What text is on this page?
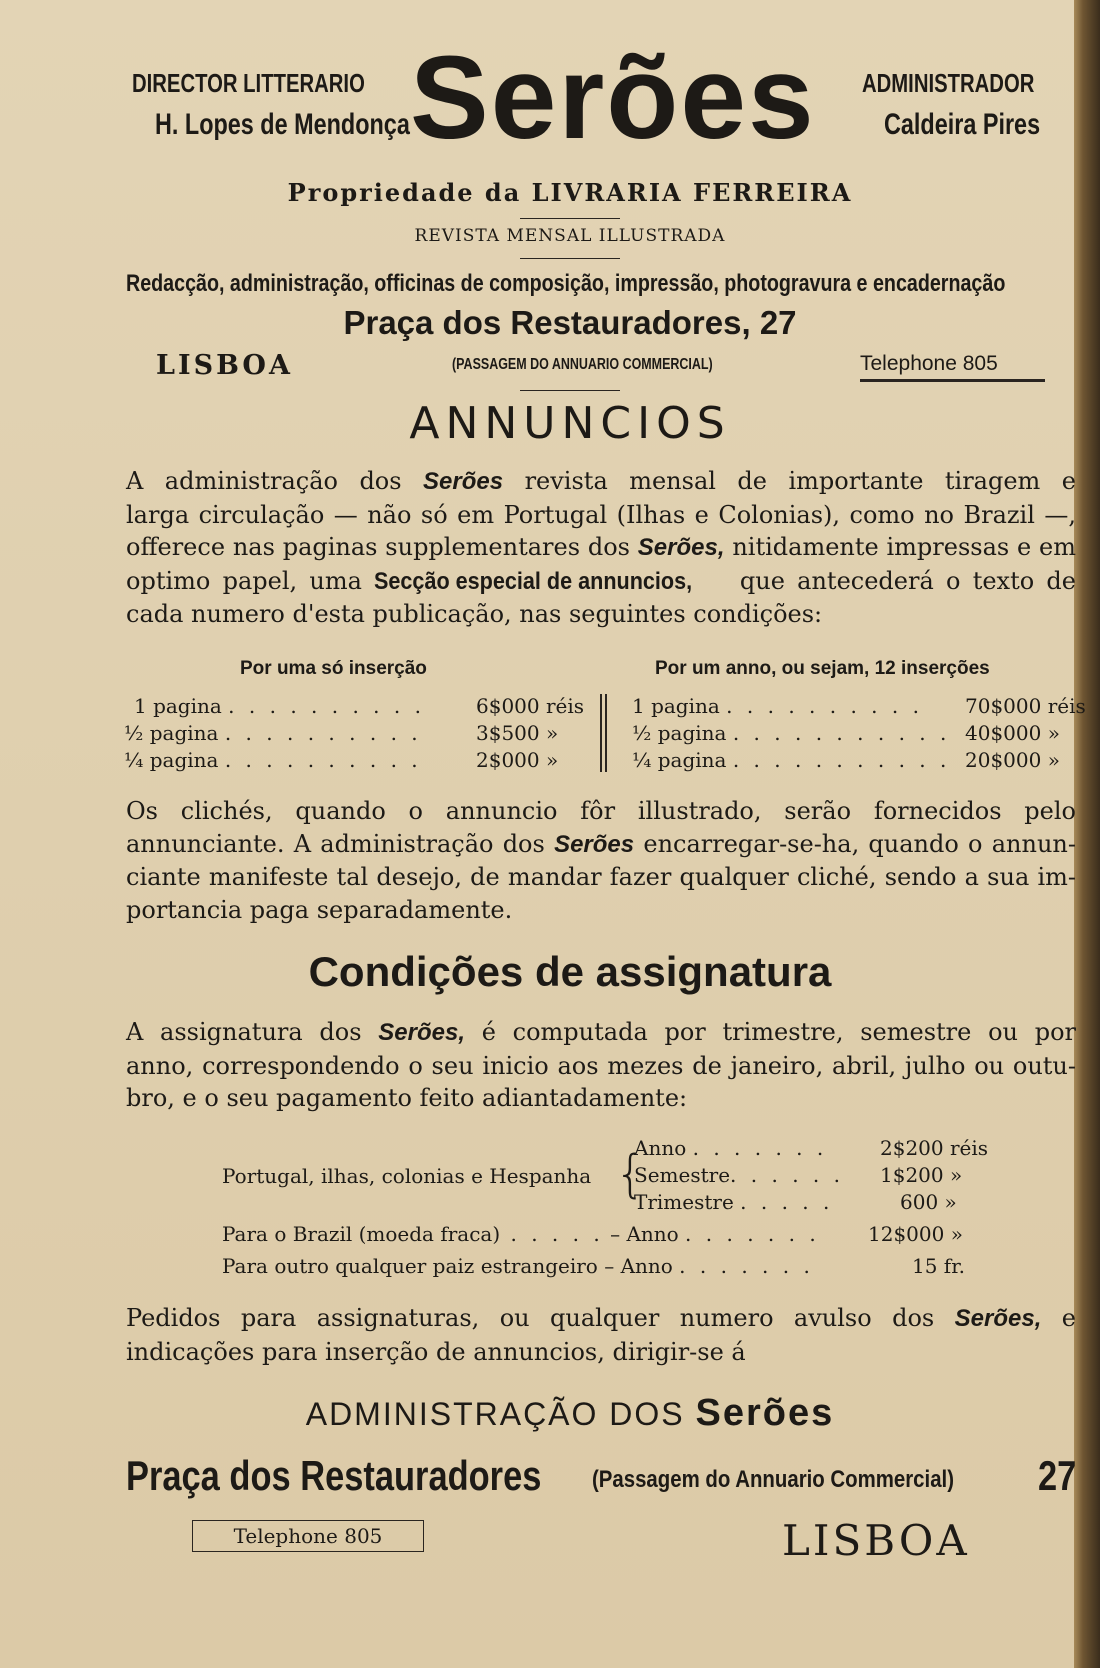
DIRECTOR LITTERARIO
H. Lopes de Mendonça Serões ADMINISTRADOR
Caldeira Pires
Propriedade da LIVRARIA FERREIRA
REVISTA MENSAL ILLUSTRADA
Redacção, administração, officinas de composição, impressão, photogravura e encadernação
Praça dos Restauradores, 27
LISBOA	(PASSAGEM DO ANNUARIO COMMERCIAL)	Telephone 805
ANNUNCIOS
A administração dos Serões revista mensal de importante tiragem e
larga circulação — não só em Portugal (Ilhas e Colonias), como no Brazil —,
offerece nas paginas supplementares dos Serões, nitidamente impressas e em
optimo papel, uma Secção especial de annuncios, que antecederá o texto de
cada numero d'esta publicação, nas seguintes condições:
Por uma só inserção	Por um anno, ou sejam, 12 inserções
1 pagina . . . . . . . . . .	6$000 réis
½ pagina . . . . . . . . . .	3$500 »
¼ pagina . . . . . . . . . .	2$000 »
1 pagina . . . . . . . . . . 70$000 réis
½ pagina . . . . . . . . . . . 40$000 »
¼ pagina . . . . . . . . . . . 20$000 »
Os clichés, quando o annuncio fôr illustrado, serão fornecidos pelo
annunciante. A administração dos Serões encarregar-se-ha, quando o annun-
ciante manifeste tal desejo, de mandar fazer qualquer cliché, sendo a sua im-
portancia paga separadamente.
Condições de assignatura
A assignatura dos Serões, é computada por trimestre, semestre ou por
anno, correspondendo o seu inicio aos mezes de janeiro, abril, julho ou outu-
bro, e o seu pagamento feito adiantadamente:
Portugal, ilhas, colonias e Hespanha {
Anno . . . . . . .	2$200 réis
Semestre. . . . . . 1$200 »
Trimestre . . . . .	600 »
Para o Brazil (moeda fraca) . . . . . – Anno . . . . . . . 12$000 »
Para outro qualquer paiz estrangeiro – Anno . . . . . . .	15 fr.
Pedidos para assignaturas, ou qualquer numero avulso dos Serões, e
indicações para inserção de annuncios, dirigir-se á
ADMINISTRAÇÃO DOS Serões
Praça dos Restauradores (Passagem do Annuario Commercial) 27
Telephone 805	LISBOA
